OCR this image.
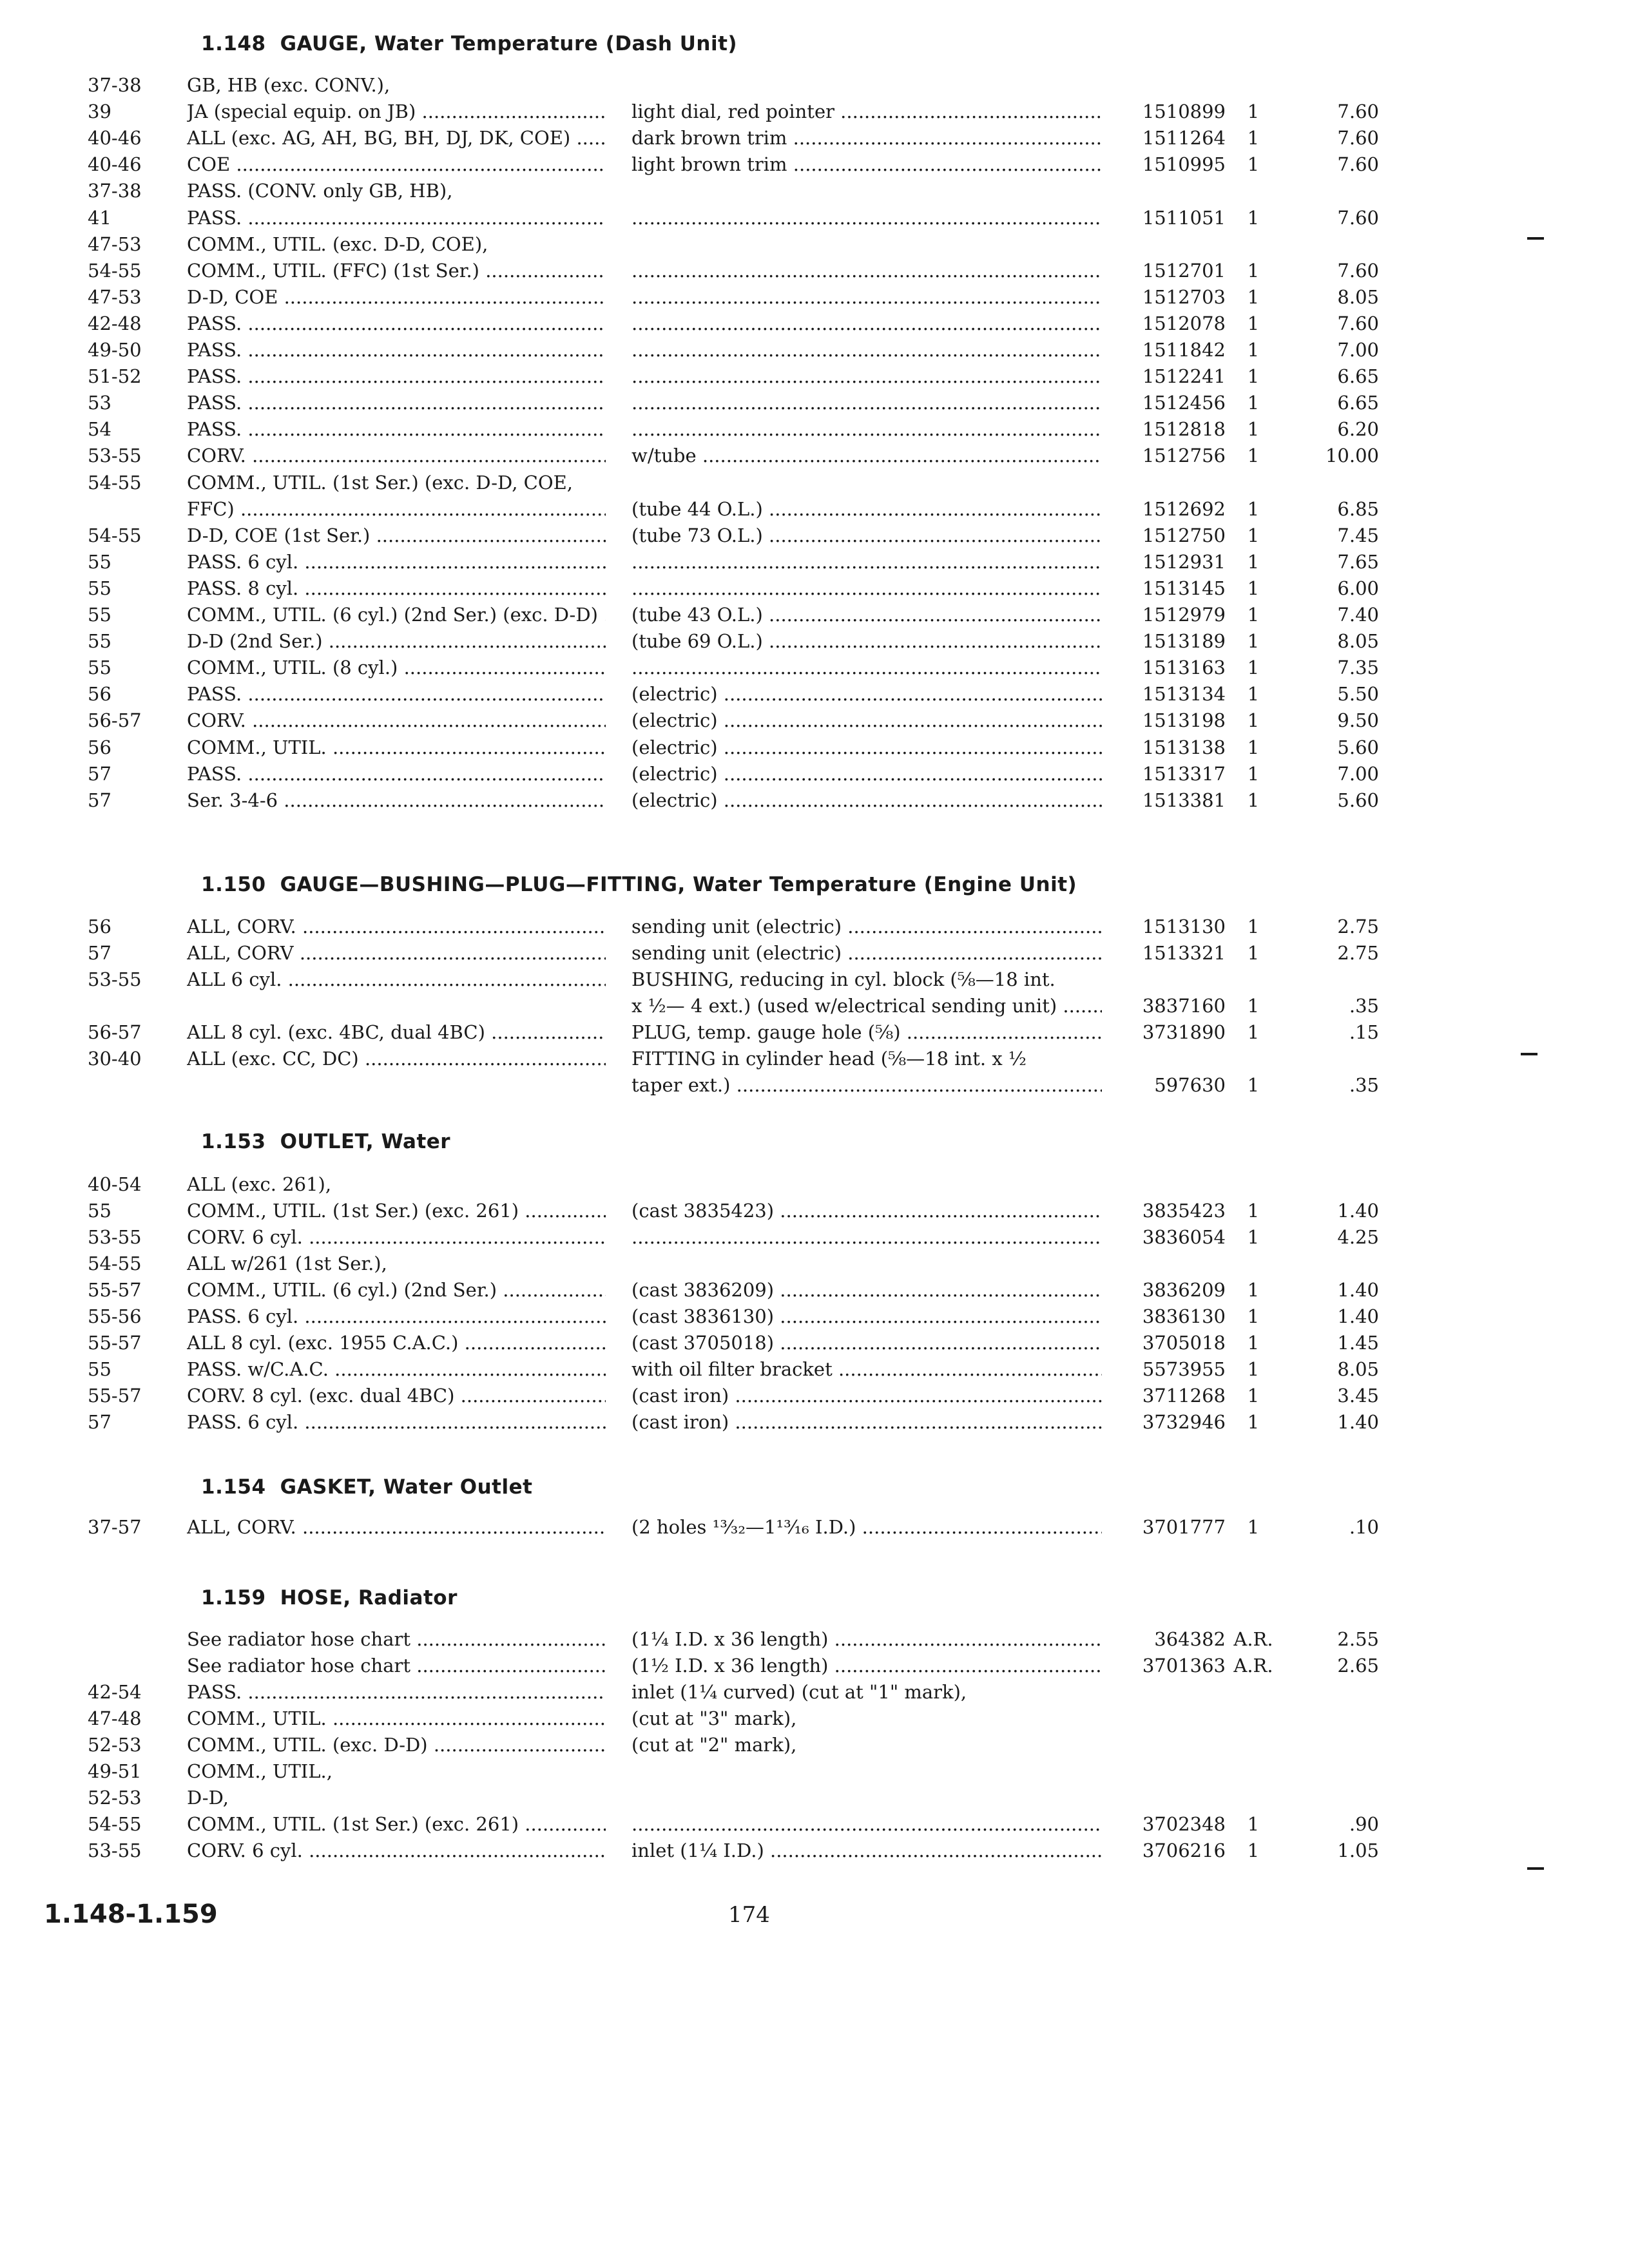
1.148 GAUGE, Water Temperature (Dash Unit)
37-38	GB, HB (exc. CONV.),
39	JA (special equip. on JB) .....	light dial, red pointer .....	1510899	1	7.60
40-46	ALL (exc. AG, AH, BG, BH, DJ, DK, COE) .....	dark brown trim .....	1511264	1	7.60
40-46	COE .....	light brown trim .....	1510995	1	7.60
37-38	PASS. (CONV. only GB, HB),
41	PASS. ..... .....	1511051	1	7.60
47-53	COMM., UTIL. (exc. D-D, COE),
54-55	COMM., UTIL. (FFC) (1st Ser.) ..... .....	1512701	1	7.60
47-53	D-D, COE ..... .....	1512703	1	8.05
42-48	PASS. ..... .....	1512078	1	7.60
49-50	PASS. ..... .....	1511842	1	7.00
51-52	PASS. ..... .....	1512241	1	6.65
53	PASS. ..... .....	1512456	1	6.65
54	PASS. ..... .....	1512818	1	6.20
53-55	CORV. .....	w/tube .....	1512756	1	10.00
54-55	COMM., UTIL. (1st Ser.) (exc. D-D, COE,
FFC) .....	(tube 44 O.L.) .....	1512692	1	6.85
54-55	D-D, COE (1st Ser.) .....	(tube 73 O.L.) .....	1512750	1	7.45
55	PASS. 6 cyl. ..... .....	1512931	1	7.65
55	PASS. 8 cyl. ..... .....	1513145	1	6.00
55	COMM., UTIL. (6 cyl.) (2nd Ser.) (exc. D-D) .....	(tube 43 O.L.) .....	1512979	1	7.40
55	D-D (2nd Ser.) .....	(tube 69 O.L.) .....	1513189	1	8.05
55	COMM., UTIL. (8 cyl.) ..... .....	1513163	1	7.35
56	PASS. .....	(electric) .....	1513134	1	5.50
56-57	CORV. .....	(electric) .....	1513198	1	9.50
56	COMM., UTIL. .....	(electric) .....	1513138	1	5.60
57	PASS. .....	(electric) .....	1513317	1	7.00
57	Ser. 3-4-6 .....	(electric) .....	1513381	1	5.60
1.150 GAUGE—BUSHING—PLUG—FITTING, Water Temperature (Engine Unit)
56	ALL, CORV. .....	sending unit (electric) .....	1513130	1	2.75
57	ALL, CORV .....	sending unit (electric) .....	1513321	1	2.75
53-55	ALL 6 cyl. .....	BUSHING, reducing in cyl. block (⅝—18 int.
x ½— 4 ext.) (used w/electrical sending unit) .....	3837160	1	.35
56-57	ALL 8 cyl. (exc. 4BC, dual 4BC) .....	PLUG, temp. gauge hole (⅝) .....	3731890	1	.15
30-40	ALL (exc. CC, DC) .....	FITTING in cylinder head (⅝—18 int. x ½
taper ext.) .....	597630	1	.35
1.153 OUTLET, Water
40-54	ALL (exc. 261),
55	COMM., UTIL. (1st Ser.) (exc. 261) .....	(cast 3835423) .....	3835423	1	1.40
53-55	CORV. 6 cyl. ..... .....	3836054	1	4.25
54-55	ALL w/261 (1st Ser.),
55-57	COMM., UTIL. (6 cyl.) (2nd Ser.) .....	(cast 3836209) .....	3836209	1	1.40
55-56	PASS. 6 cyl. .....	(cast 3836130) .....	3836130	1	1.40
55-57	ALL 8 cyl. (exc. 1955 C.A.C.) .....	(cast 3705018) .....	3705018	1	1.45
55	PASS. w/C.A.C. .....	with oil filter bracket .....	5573955	1	8.05
55-57	CORV. 8 cyl. (exc. dual 4BC) .....	(cast iron) .....	3711268	1	3.45
57	PASS. 6 cyl. .....	(cast iron) .....	3732946	1	1.40
1.154 GASKET, Water Outlet
37-57	ALL, CORV. .....	(2 holes ¹³⁄₃₂—1¹³⁄₁₆ I.D.) .....	3701777	1	.10
1.159 HOSE, Radiator
See radiator hose chart .....	(1¼ I.D. x 36 length) .....	364382 A.R.	2.55
See radiator hose chart .....	(1½ I.D. x 36 length) .....	3701363 A.R.	2.65
42-54	PASS. .....	inlet (1¼ curved) (cut at "1" mark),
47-48	COMM., UTIL. .....	(cut at "3" mark),
52-53	COMM., UTIL. (exc. D-D) .....	(cut at "2" mark),
49-51	COMM., UTIL.,
52-53	D-D,
54-55	COMM., UTIL. (1st Ser.) (exc. 261) ..... .....	3702348	1	.90
53-55	CORV. 6 cyl. .....	inlet (1¼ I.D.) .....	3706216	1	1.05
1.148-1.159	174
